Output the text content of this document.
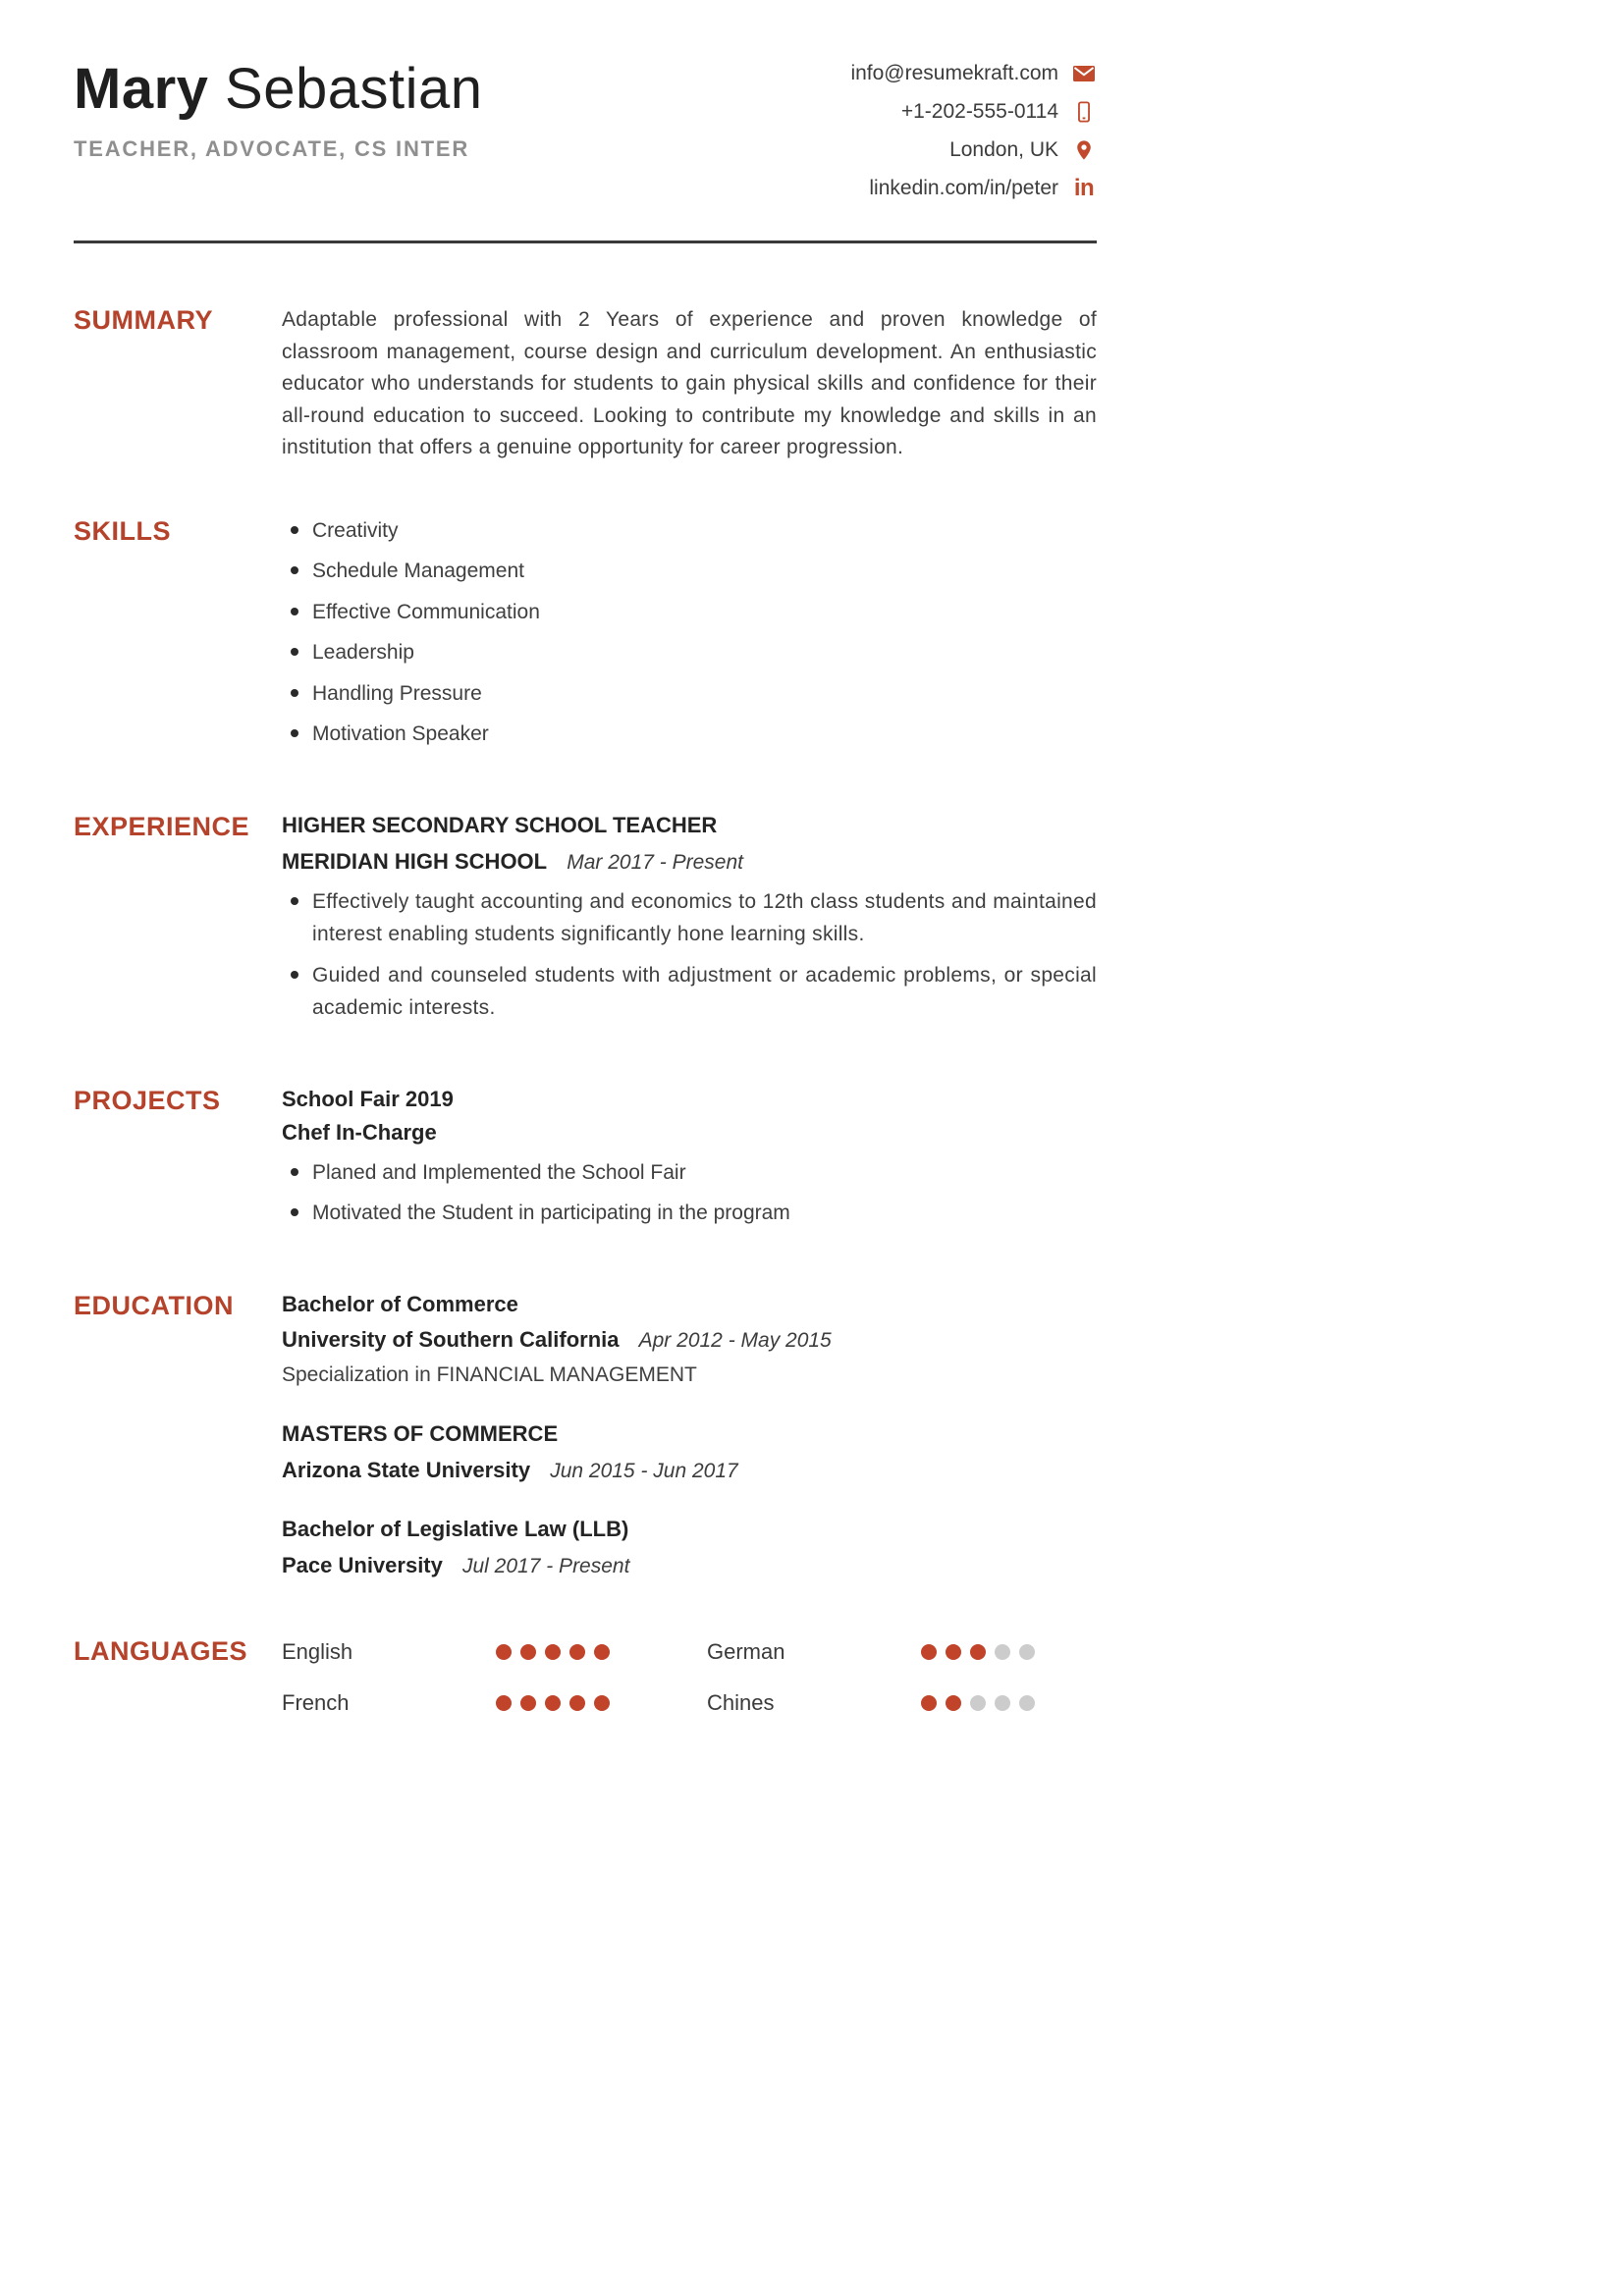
Mary Sebastian
TEACHER, ADVOCATE, CS INTER
info@resumekraft.com
+1-202-555-0114
London, UK
linkedin.com/in/peter in
SUMMARY	Adaptable professional with 2 Years of experience and proven knowledge of classroom management, course design and curriculum development. An enthusiastic educator who understands for students to gain physical skills and confidence for their all-round education to succeed. Looking to contribute my knowledge and skills in an institution that offers a genuine opportunity for career progression.

SKILLS	Creativity
Schedule Management
Effective Communication
Leadership
Handling Pressure
Motivation Speaker
EXPERIENCE	HIGHER SECONDARY SCHOOL TEACHER
MERIDIAN HIGH SCHOOL Mar 2017 - Present
Effectively taught accounting and economics to 12th class students and maintained interest enabling students significantly hone learning skills.
Guided and counseled students with adjustment or academic problems, or special academic interests.
PROJECTS	School Fair 2019
Chef In-Charge
Planed and Implemented the School Fair
Motivated the Student in participating in the program
EDUCATION	Bachelor of Commerce
University of Southern California Apr 2012 - May 2015
Specialization in FINANCIAL MANAGEMENT
MASTERS OF COMMERCE
Arizona State University Jun 2015 - Jun 2017
Bachelor of Legislative Law (LLB)
Pace University Jul 2017 - Present
LANGUAGES	English	German
French	Chines
